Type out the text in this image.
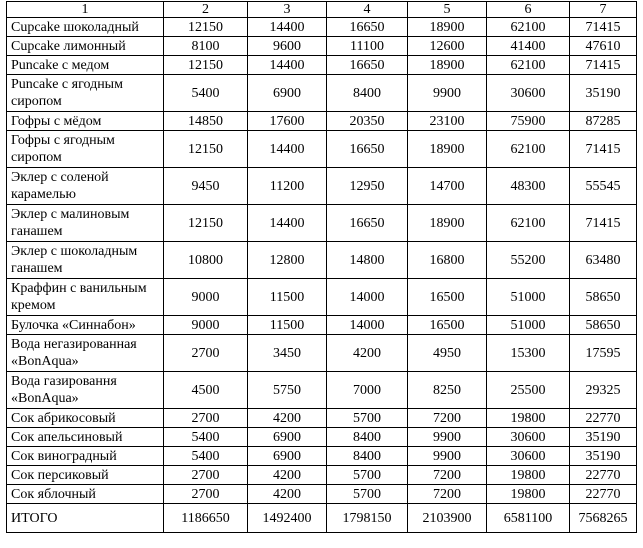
1	2	3	4	5	6	7
Cupcake шоколадный	12150	14400	16650	18900	62100	71415
Cupcake лимонный	8100	9600	11100	12600	41400	47610
Puncake с медом	12150	14400	16650	18900	62100	71415
Puncake с ягодным сиропом	5400	6900	8400	9900	30600	35190
Гофры с мёдом	14850	17600	20350	23100	75900	87285
Гофры с ягодным сиропом	12150	14400	16650	18900	62100	71415
Эклер с соленой карамелью	9450	11200	12950	14700	48300	55545
Эклер с малиновым ганашем	12150	14400	16650	18900	62100	71415
Эклер с шоколадным ганашем	10800	12800	14800	16800	55200	63480
Краффин с ванильным кремом	9000	11500	14000	16500	51000	58650
Булочка «Синнабон»	9000	11500	14000	16500	51000	58650
Вода негазированная «BonAqua»	2700	3450	4200	4950	15300	17595
Вода газировання «BonAqua»	4500	5750	7000	8250	25500	29325
Сок абрикосовый	2700	4200	5700	7200	19800	22770
Сок апельсиновый	5400	6900	8400	9900	30600	35190
Сок виноградный	5400	6900	8400	9900	30600	35190
Сок персиковый	2700	4200	5700	7200	19800	22770
Сок яблочный	2700	4200	5700	7200	19800	22770
ИТОГО	1186650	1492400	1798150	2103900	6581100	7568265
